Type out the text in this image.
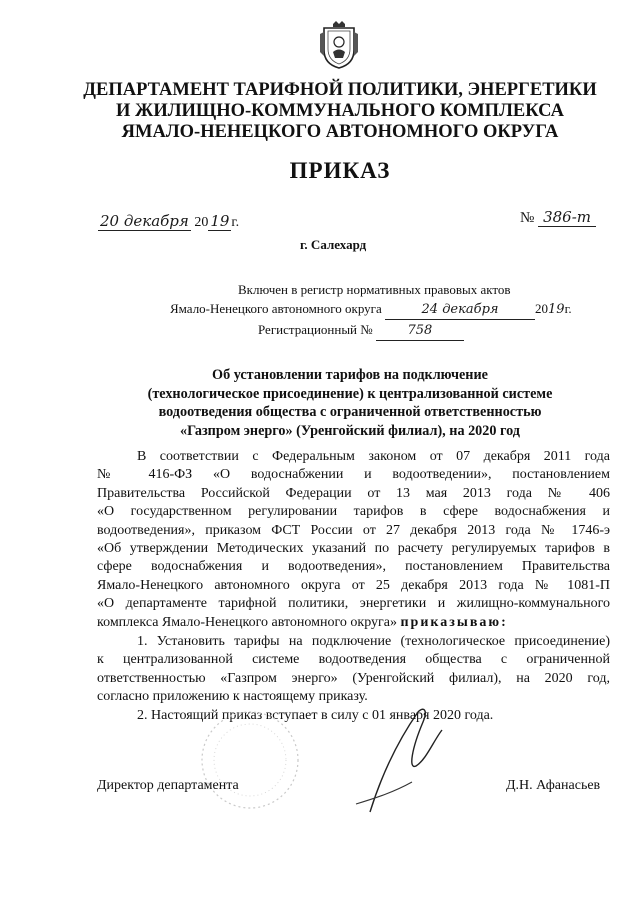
ДЕПАРТАМЕНТ ТАРИФНОЙ ПОЛИТИКИ, ЭНЕРГЕТИКИ
И ЖИЛИЩНО-КОММУНАЛЬНОГО КОМПЛЕКСА
ЯМАЛО-НЕНЕЦКОГО АВТОНОМНОГО ОКРУГА
ПРИКАЗ
20 декабря 20 19 г.	№ 386-т
г. Салехард
Включен в регистр нормативных правовых актов
Ямало-Ненецкого автономного округа	24 декабря	2019г.
Регистрационный №	758
Об установлении тарифов на подключение
(технологическое присоединение) к централизованной системе
водоотведения общества с ограниченной ответственностью
«Газпром энерго» (Уренгойский филиал), на 2020 год
В соответствии с Федеральным законом от 07 декабря 2011 года
№ 416-ФЗ «О водоснабжении и водоотведении», постановлением
Правительства Российской Федерации от 13 мая 2013 года № 406
«О государственном регулировании тарифов в сфере водоснабжения и
водоотведения», приказом ФСТ России от 27 декабря 2013 года № 1746-э
«Об утверждении Методических указаний по расчету регулируемых тарифов в
сфере водоснабжения и водоотведения», постановлением Правительства
Ямало-Ненецкого автономного округа от 25 декабря 2013 года № 1081-П
«О департаменте тарифной политики, энергетики и жилищно-коммунального
комплекса Ямало-Ненецкого автономного округа» приказываю:
1. Установить тарифы на подключение (технологическое присоединение)
к централизованной системе водоотведения общества с ограниченной
ответственностью «Газпром энерго» (Уренгойский филиал), на 2020 год,
согласно приложению к настоящему приказу.
2. Настоящий приказ вступает в силу с 01 января 2020 года.
Директор департамента	Д.Н. Афанасьев
